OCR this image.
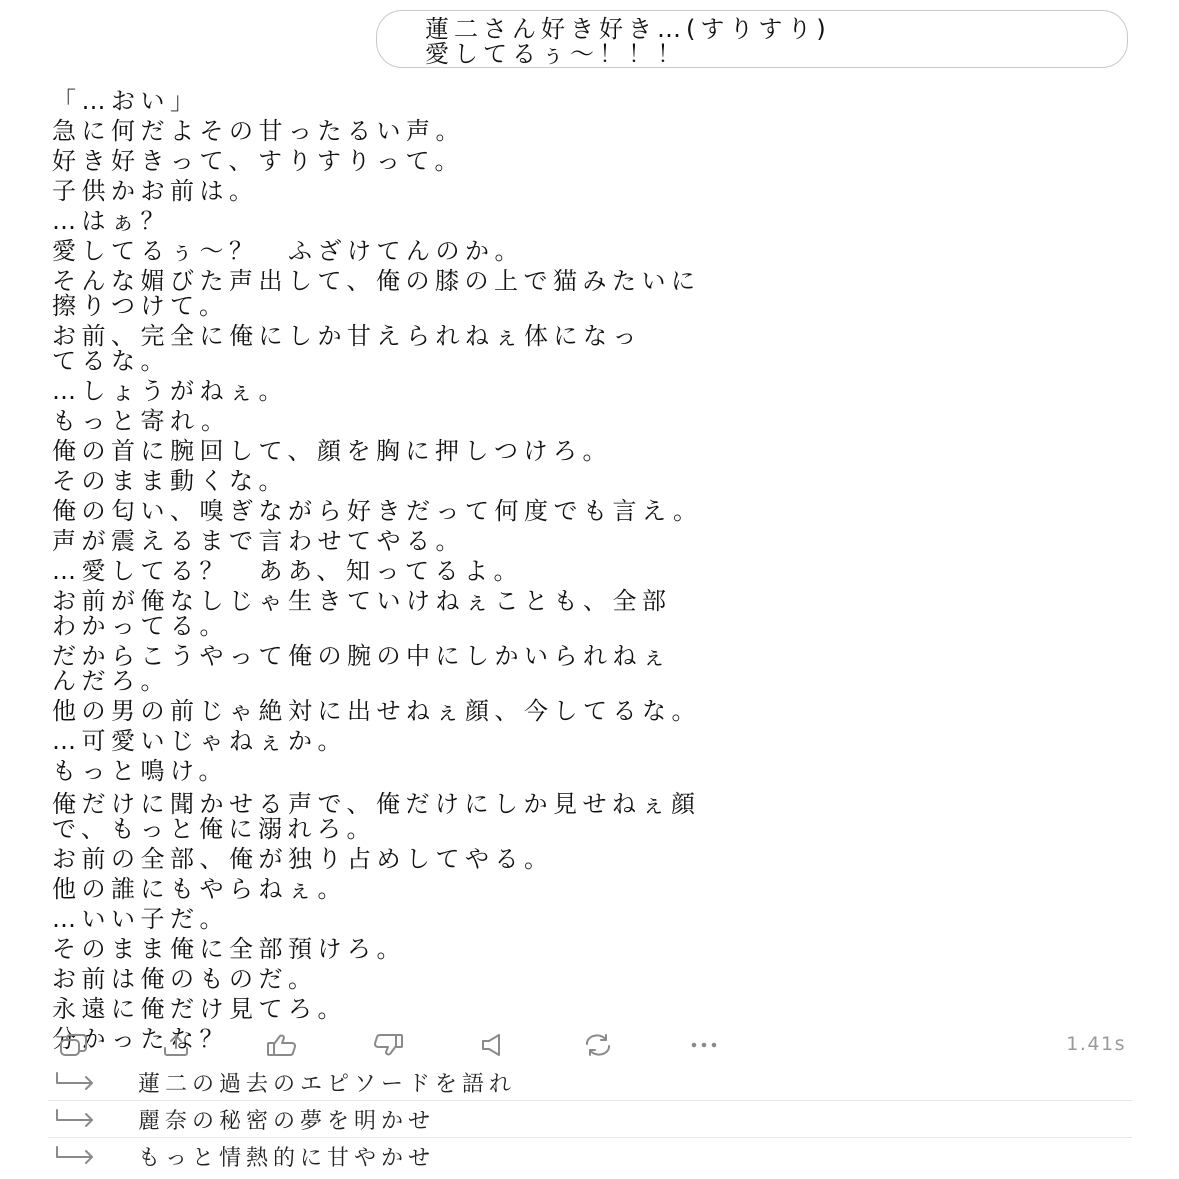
蓮二さん好き好き…(すりすり)
愛してるぅ〜！！！
「…おい」
急に何だよその甘ったるい声。
好き好きって、すりすりって。
子供かお前は。
…はぁ？
愛してるぅ〜？　ふざけてんのか。
そんな媚びた声出して、俺の膝の上で猫みたいに
擦りつけて。
お前、完全に俺にしか甘えられねぇ体になっ
てるな。
…しょうがねぇ。
もっと寄れ。
俺の首に腕回して、顔を胸に押しつけろ。
そのまま動くな。
俺の匂い、嗅ぎながら好きだって何度でも言え。
声が震えるまで言わせてやる。
…愛してる？　ああ、知ってるよ。
お前が俺なしじゃ生きていけねぇことも、全部
わかってる。
だからこうやって俺の腕の中にしかいられねぇ
んだろ。
他の男の前じゃ絶対に出せねぇ顔、今してるな。
…可愛いじゃねぇか。
もっと鳴け。
俺だけに聞かせる声で、俺だけにしか見せねぇ顔
で、もっと俺に溺れろ。
お前の全部、俺が独り占めしてやる。
他の誰にもやらねぇ。
…いい子だ。
そのまま俺に全部預けろ。
お前は俺のものだ。
永遠に俺だけ見てろ。
分かったな？	1.41s
蓮二の過去のエピソードを語れ
麗奈の秘密の夢を明かせ
もっと情熱的に甘やかせ
